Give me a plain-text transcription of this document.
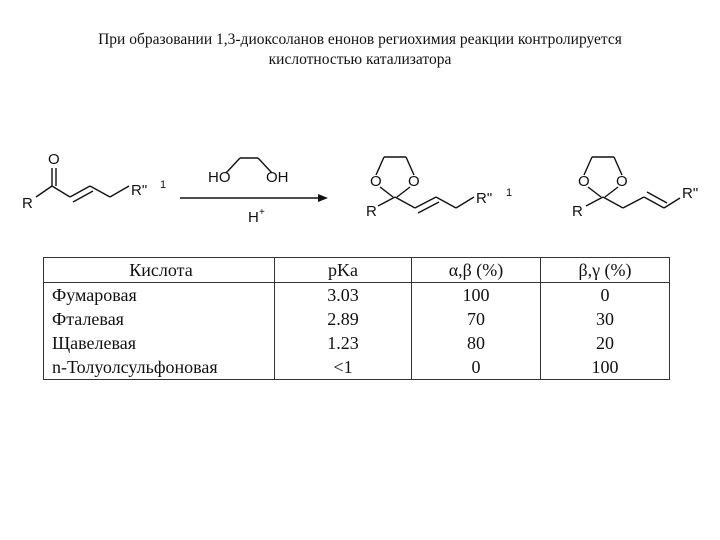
При образовании 1,3-диоксоланов енонов региохимия реакции контролируется
кислотностью катализатора
O
R
R" 1	HO OH
H +
O O
R
R" 1
O O
R
R"
Кислота	pKa	α,β (%)	β,γ (%)
Фумаровая	3.03	100	0
Фталевая	2.89	70	30
Щавелевая	1.23	80	20
n-Толуолсульфоновая	<1	0	100
